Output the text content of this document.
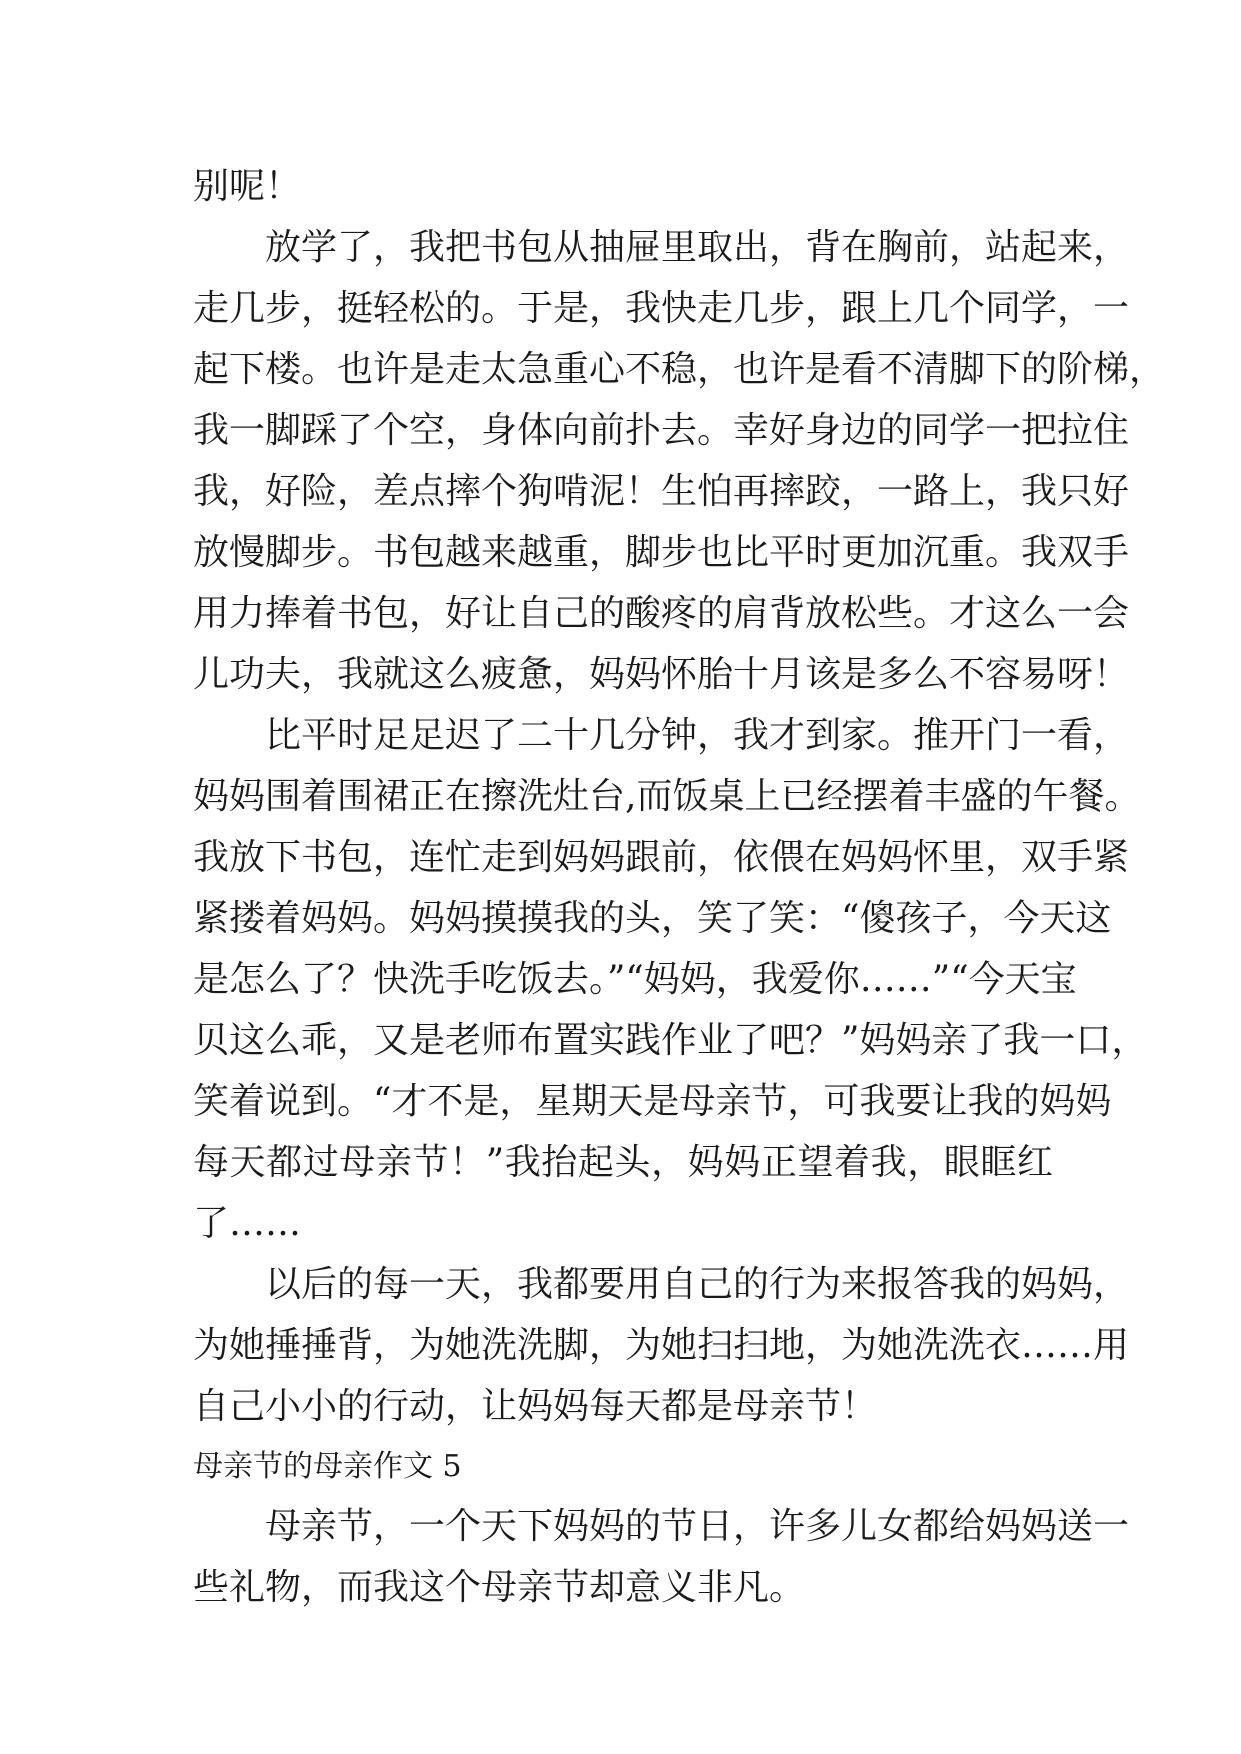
别呢！
放学了，我把书包从抽屉里取出，背在胸前，站起来，
走几步，挺轻松的。于是，我快走几步，跟上几个同学，一
起下楼。也许是走太急重心不稳，也许是看不清脚下的阶梯，
我一脚踩了个空，身体向前扑去。幸好身边的同学一把拉住
我，好险，差点摔个狗啃泥！生怕再摔跤，一路上，我只好
放慢脚步。书包越来越重，脚步也比平时更加沉重。我双手
用力捧着书包，好让自己的酸疼的肩背放松些。才这么一会
儿功夫，我就这么疲惫，妈妈怀胎十月该是多么不容易呀！
比平时足足迟了二十几分钟，我才到家。推开门一看，
妈妈围着围裙正在擦洗灶台,而饭桌上已经摆着丰盛的午餐。
我放下书包，连忙走到妈妈跟前，依偎在妈妈怀里，双手紧
紧搂着妈妈。妈妈摸摸我的头，笑了笑：“傻孩子，今天这
是怎么了？快洗手吃饭去。”“妈妈，我爱你……”“今天宝
贝这么乖，又是老师布置实践作业了吧？”妈妈亲了我一口，
笑着说到。“才不是，星期天是母亲节，可我要让我的妈妈
每天都过母亲节！”我抬起头，妈妈正望着我，眼眶红
了……
以后的每一天，我都要用自己的行为来报答我的妈妈，
为她捶捶背，为她洗洗脚，为她扫扫地，为她洗洗衣……用
自己小小的行动，让妈妈每天都是母亲节！
母亲节的母亲作文 5
母亲节，一个天下妈妈的节日，许多儿女都给妈妈送一
些礼物，而我这个母亲节却意义非凡。
